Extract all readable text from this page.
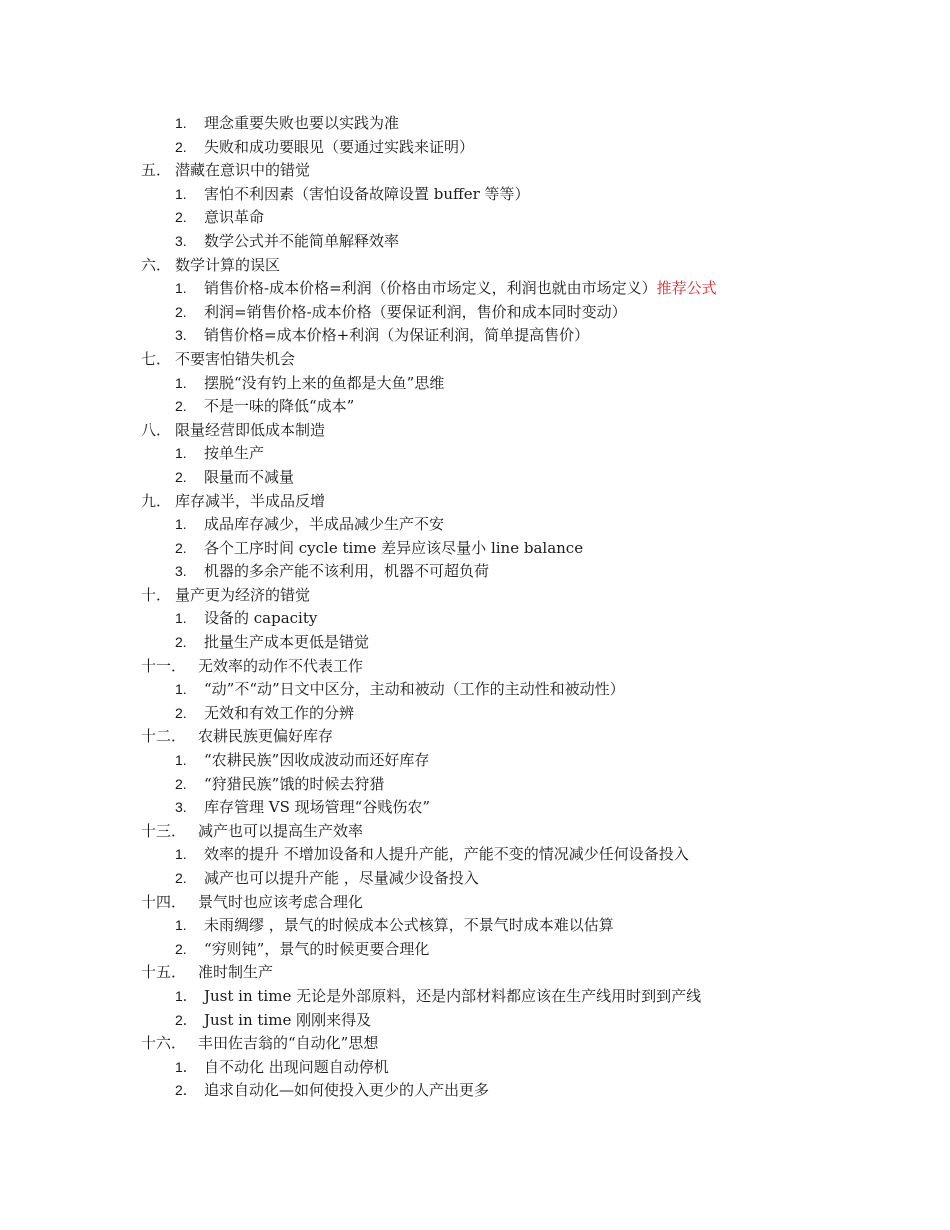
1. 理念重要失败也要以实践为准
2. 失败和成功要眼见（要通过实践来证明）
五． 潜藏在意识中的错觉
1. 害怕不利因素（害怕设备故障设置 buffer 等等）
2. 意识革命
3. 数学公式并不能简单解释效率
六． 数学计算的误区
1. 销售价格-成本价格=利润（价格由市场定义，利润也就由市场定义）推荐公式
2. 利润=销售价格-成本价格（要保证利润，售价和成本同时变动）
3. 销售价格=成本价格+利润（为保证利润，简单提高售价）
七． 不要害怕错失机会
1. 摆脱“没有钓上来的鱼都是大鱼”思维
2. 不是一味的降低“成本”
八． 限量经营即低成本制造
1. 按单生产
2. 限量而不减量
九． 库存减半，半成品反增
1. 成品库存减少，半成品减少生产不安
2. 各个工序时间 cycle time 差异应该尽量小 line balance
3. 机器的多余产能不该利用，机器不可超负荷
十． 量产更为经济的错觉
1. 设备的 capacity
2. 批量生产成本更低是错觉
十一． 无效率的动作不代表工作
1. “动”不“动”日文中区分，主动和被动（工作的主动性和被动性）
2. 无效和有效工作的分辨
十二． 农耕民族更偏好库存
1. “农耕民族”因收成波动而还好库存
2. “狩猎民族”饿的时候去狩猎
3. 库存管理 VS 现场管理“谷贱伤农”
十三． 减产也可以提高生产效率
1. 效率的提升 不增加设备和人提升产能，产能不变的情况减少任何设备投入
2. 减产也可以提升产能 ，尽量减少设备投入
十四． 景气时也应该考虑合理化
1. 未雨绸缪 ，景气的时候成本公式核算，不景气时成本难以估算
2. “穷则钝”，景气的时候更要合理化
十五． 准时制生产
1． Just in time 无论是外部原料，还是内部材料都应该在生产线用时到到产线
2． Just in time 刚刚来得及
十六． 丰田佐吉翁的“自动化”思想
1． 自不动化 出现问题自动停机
2． 追求自动化—如何使投入更少的人产出更多
